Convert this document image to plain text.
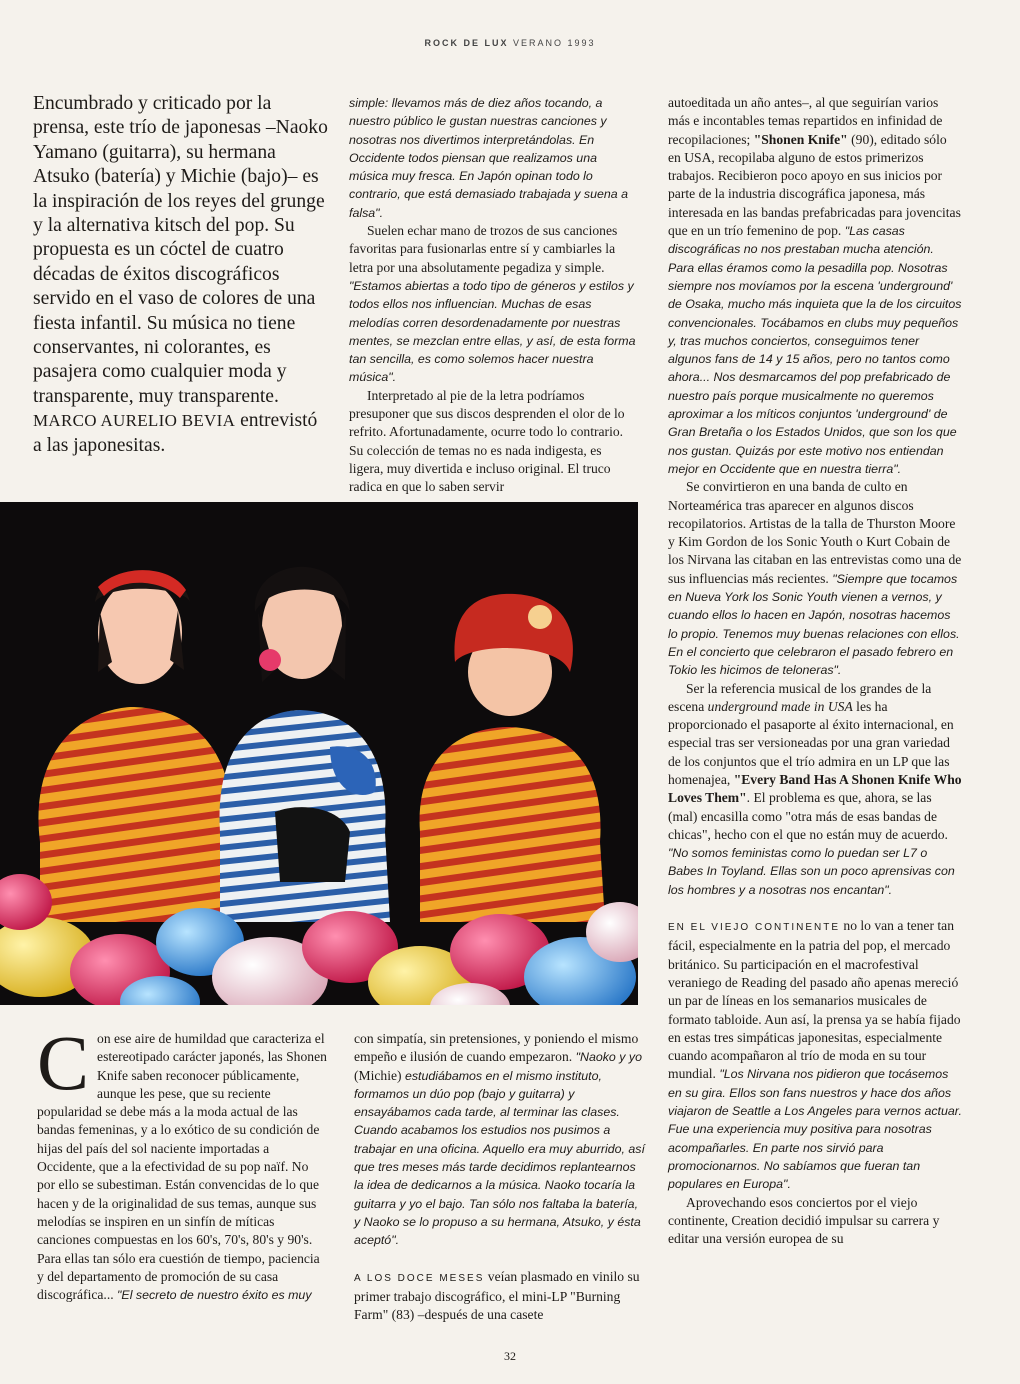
ROCK DE LUX VERANO 1993
Encumbrado y criticado por la prensa, este trío de japonesas –Naoko Yamano (guitarra), su hermana Atsuko (batería) y Michie (bajo)– es la inspiración de los reyes del grunge y la alternativa kitsch del pop. Su propuesta es un cóctel de cuatro décadas de éxitos discográficos servido en el vaso de colores de una fiesta infantil. Su música no tiene conservantes, ni colorantes, es pasajera como cualquier moda y transparente, muy transparente. MARCO AURELIO BEVIA entrevistó a las japonesitas.

simple: llevamos más de diez años tocando, a nuestro público le gustan nuestras canciones y nosotras nos divertimos interpretándolas. En Occidente todos piensan que realizamos una música muy fresca. En Japón opinan todo lo contrario, que está demasiado trabajada y suena a falsa".

Suelen echar mano de trozos de sus canciones favoritas para fusionarlas entre sí y cambiarles la letra por una absolutamente pegadiza y simple. "Estamos abiertas a todo tipo de géneros y estilos y todos ellos nos influencian. Muchas de esas melodías corren desordenadamente por nuestras mentes, se mezclan entre ellas, y así, de esta forma tan sencilla, es como solemos hacer nuestra música".

Interpretado al pie de la letra podríamos presuponer que sus discos desprenden el olor de lo refrito. Afortunadamente, ocurre todo lo contrario. Su colección de temas no es nada indigesta, es ligera, muy divertida e incluso original. El truco radica en que lo saben servir

autoeditada un año antes–, al que seguirían varios más e incontables temas repartidos en infinidad de recopilaciones; "Shonen Knife" (90), editado sólo en USA, recopilaba alguno de estos primerizos trabajos. Recibieron poco apoyo en sus inicios por parte de la industria discográfica japonesa, más interesada en las bandas prefabricadas para jovencitas que en un trío femenino de pop. "Las casas discográficas no nos prestaban mucha atención. Para ellas éramos como la pesadilla pop. Nosotras siempre nos movíamos por la escena 'underground' de Osaka, mucho más inquieta que la de los circuitos convencionales. Tocábamos en clubs muy pequeños y, tras muchos conciertos, conseguimos tener algunos fans de 14 y 15 años, pero no tantos como ahora... Nos desmarcamos del pop prefabricado de nuestro país porque musicalmente no queremos aproximar a los míticos conjuntos 'underground' de Gran Bretaña o los Estados Unidos, que son los que nos gustan. Quizás por este motivo nos entiendan mejor en Occidente que en nuestra tierra".

Se convirtieron en una banda de culto en Norteamérica tras aparecer en algunos discos recopilatorios. Artistas de la talla de Thurston Moore y Kim Gordon de los Sonic Youth o Kurt Cobain de los Nirvana las citaban en las entrevistas como una de sus influencias más recientes. "Siempre que tocamos en Nueva York los Sonic Youth vienen a vernos, y cuando ellos lo hacen en Japón, nosotras hacemos lo propio. Tenemos muy buenas relaciones con ellos. En el concierto que celebraron el pasado febrero en Tokio les hicimos de teloneras".

Ser la referencia musical de los grandes de la escena underground made in USA les ha proporcionado el pasaporte al éxito internacional, en especial tras ser versioneadas por una gran variedad de los conjuntos que el trío admira en un LP que las homenajea, "Every Band Has A Shonen Knife Who Loves Them". El problema es que, ahora, se las (mal) encasilla como "otra más de esas bandas de chicas", hecho con el que no están muy de acuerdo. "No somos feministas como lo puedan ser L7 o Babes In Toyland. Ellas son un poco aprensivas con los hombres y a nosotras nos encantan".

EN EL VIEJO CONTINENTE no lo van a tener tan fácil, especialmente en la patria del pop, el mercado británico. Su participación en el macrofestival veraniego de Reading del pasado año apenas mereció un par de líneas en los semanarios musicales de formato tabloide. Aun así, la prensa ya se había fijado en estas tres simpáticas japonesitas, especialmente cuando acompañaron al trío de moda en su tour mundial. "Los Nirvana nos pidieron que tocásemos en su gira. Ellos son fans nuestros y hace dos años viajaron de Seattle a Los Angeles para vernos actuar. Fue una experiencia muy positiva para nosotras acompañarles. En parte nos sirvió para promocionarnos. No sabíamos que fueran tan populares en Europa".

Aprovechando esos conciertos por el viejo continente, Creation decidió impulsar su carrera y editar una versión europea de su

Con ese aire de humildad que caracteriza el estereotipado carácter japonés, las Shonen Knife saben reconocer públicamente, aunque les pese, que su reciente popularidad se debe más a la moda actual de las bandas femeninas, y a lo exótico de su condición de hijas del país del sol naciente importadas a Occidente, que a la efectividad de su pop naïf. No por ello se subestiman. Están convencidas de lo que hacen y de la originalidad de sus temas, aunque sus melodías se inspiren en un sinfín de míticas canciones compuestas en los 60's, 70's, 80's y 90's. Para ellas tan sólo era cuestión de tiempo, paciencia y del departamento de promoción de su casa discográfica... "El secreto de nuestro éxito es muy

con simpatía, sin pretensiones, y poniendo el mismo empeño e ilusión de cuando empezaron. "Naoko y yo (Michie) estudiábamos en el mismo instituto, formamos un dúo pop (bajo y guitarra) y ensayábamos cada tarde, al terminar las clases. Cuando acabamos los estudios nos pusimos a trabajar en una oficina. Aquello era muy aburrido, así que tres meses más tarde decidimos replantearnos la idea de dedicarnos a la música. Naoko tocaría la guitarra y yo el bajo. Tan sólo nos faltaba la batería, y Naoko se lo propuso a su hermana, Atsuko, y ésta aceptó".

A LOS DOCE MESES veían plasmado en vinilo su primer trabajo discográfico, el mini-LP "Burning Farm" (83) –después de una casete

32
